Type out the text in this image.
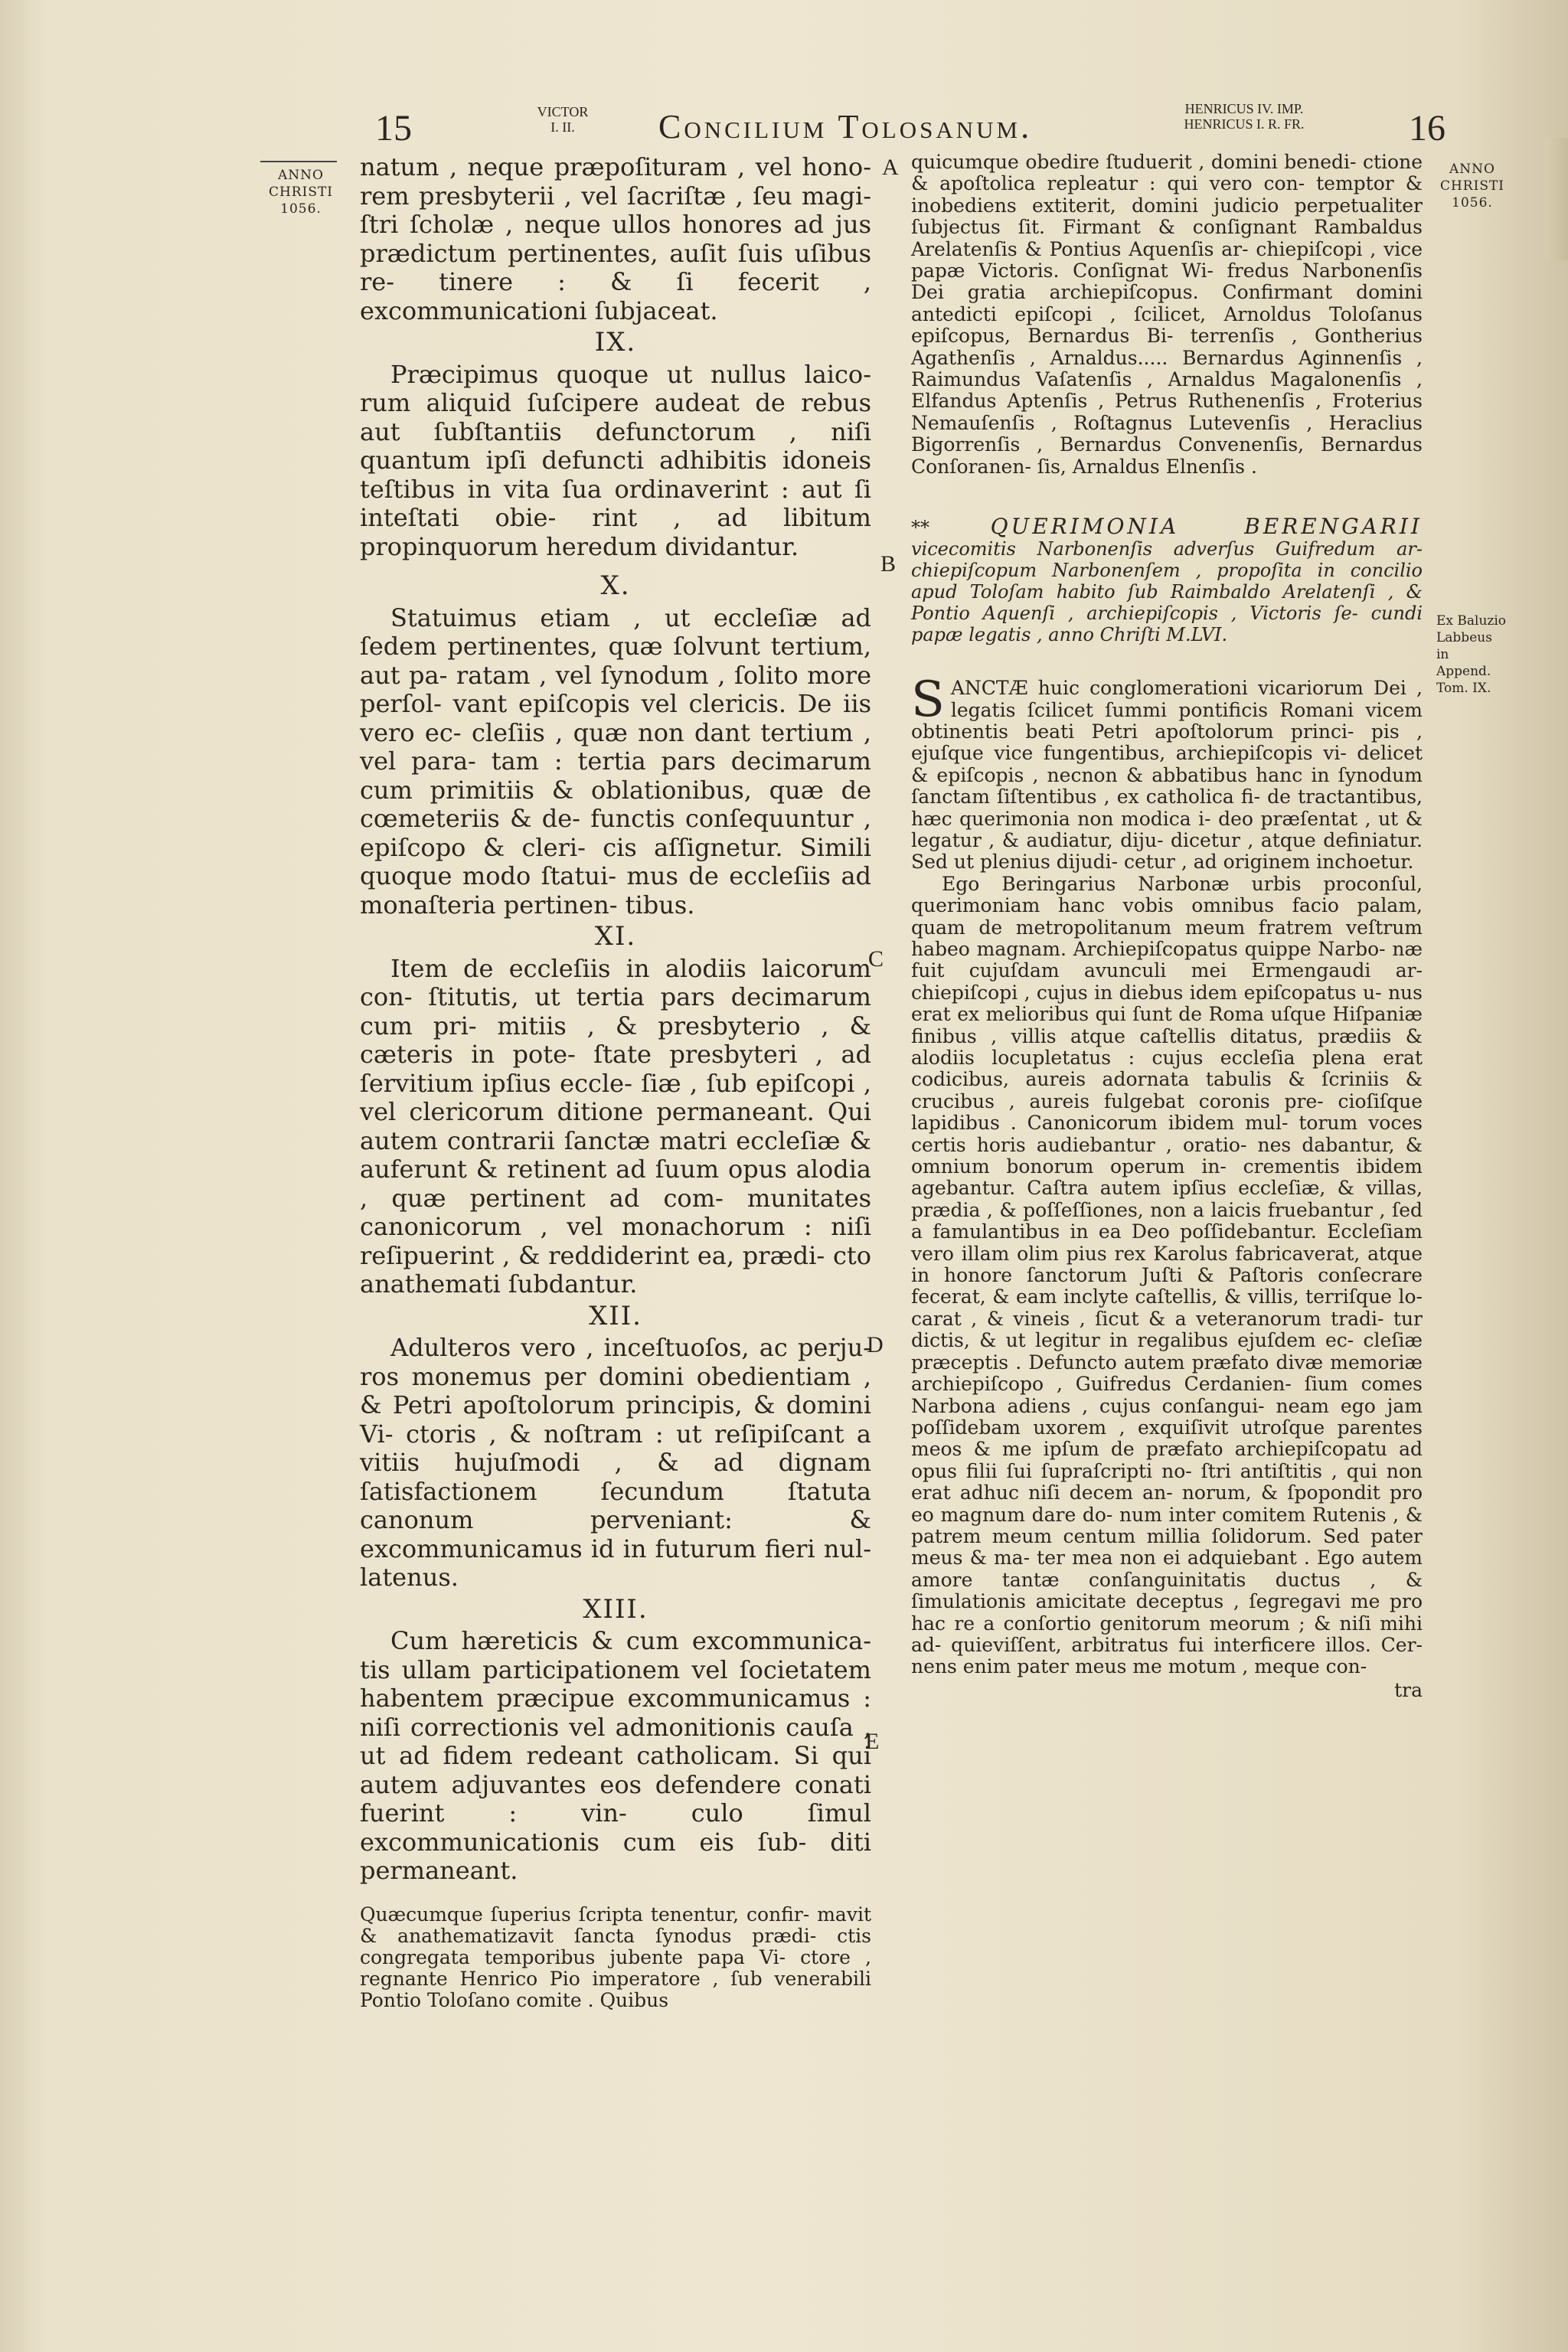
15	VICTOR
I. II.	Concilium Tolosanum.	HENRICUS IV. IMP.
HENRICUS I. R. FR.	16
ANNO
CHRISTI
1056.
ANNO
CHRISTI
1056.
Ex Baluzio Labbeus in Append. Tom. IX.
A
B
C
D
E

natum , neque præpoſituram , vel hono- rem presbyterii , vel ſacriſtæ , ſeu magi- ſtri ſcholæ , neque ullos honores ad jus prædictum pertinentes, auſit ſuis uſibus re- tinere : & ſi fecerit , excommunicationi ſubjaceat.

IX.

Præcipimus quoque ut nullus laico- rum aliquid ſuſcipere audeat de rebus aut ſubſtantiis defunctorum , niſi quantum ipſi defuncti adhibitis idoneis teſtibus in vita ſua ordinaverint : aut ſi inteſtati obie- rint , ad libitum propinquorum heredum dividantur.

X.

Statuimus etiam , ut eccleſiæ ad ſedem pertinentes, quæ ſolvunt tertium, aut pa- ratam , vel ſynodum , ſolito more perſol- vant epiſcopis vel clericis. De iis vero ec- cleſiis , quæ non dant tertium , vel para- tam : tertia pars decimarum cum primitiis & oblationibus, quæ de cœmeteriis & de- functis conſequuntur , epiſcopo & cleri- cis aſſignetur. Simili quoque modo ſtatui- mus de eccleſiis ad monaſteria pertinen- tibus.

XI.

Item de eccleſiis in alodiis laicorum con- ſtitutis, ut tertia pars decimarum cum pri- mitiis , & presbyterio , & cæteris in pote- ſtate presbyteri , ad ſervitium ipſius eccle- ſiæ , ſub epiſcopi , vel clericorum ditione permaneant. Qui autem contrarii ſanctæ matri eccleſiæ & auferunt & retinent ad ſuum opus alodia , quæ pertinent ad com- munitates canonicorum , vel monachorum : niſi reſipuerint , & reddiderint ea, prædi- cto anathemati ſubdantur.

XII.

Adulteros vero , inceſtuoſos, ac perju- ros monemus per domini obedientiam , & Petri apoſtolorum principis, & domini Vi- ctoris , & noſtram : ut reſipiſcant a vitiis hujuſmodi , & ad dignam ſatisfactionem ſecundum ſtatuta canonum perveniant: & excommunicamus id in futurum fieri nul- latenus.

XIII.

Cum hæreticis & cum excommunica- tis ullam participationem vel ſocietatem habentem præcipue excommunicamus : niſi correctionis vel admonitionis cauſa , ut ad fidem redeant catholicam. Si qui autem adjuvantes eos defendere conati fuerint : vin- culo ſimul excommunicationis cum eis ſub- diti permaneant.

Quæcumque ſuperius ſcripta tenentur, confir- mavit & anathematizavit ſancta ſynodus prædi- ctis congregata temporibus jubente papa Vi- ctore , regnante Henrico Pio imperatore , ſub venerabili Pontio Toloſano comite . Quibus

quicumque obedire ſtuduerit , domini benedi- ctione & apoſtolica repleatur : qui vero con- temptor & inobediens extiterit, domini judicio perpetualiter ſubjectus ſit. Firmant & conſignant Rambaldus Arelatenſis & Pontius Aquenſis ar- chiepiſcopi , vice papæ Victoris. Conſignat Wi- fredus Narbonenſis Dei gratia archiepiſcopus. Confirmant domini antedicti epiſcopi , ſcilicet, Arnoldus Toloſanus epiſcopus, Bernardus Bi- terrenſis , Gontherius Agathenſis , Arnaldus..... Bernardus Aginnenſis , Raimundus Vaſatenſis , Arnaldus Magalonenſis , Elfandus Aptenſis , Petrus Ruthenenſis , Froterius Nemauſenſis , Roſtagnus Lutevenſis , Heraclius Bigorrenſis , Bernardus Convenenſis, Bernardus Conſoranen- ſis, Arnaldus Elnenſis .

** QUERIMONIA BERENGARII vicecomitis Narbonenſis adverſus Guifredum ar- chiepiſcopum Narbonenſem , propoſita in concilio apud Toloſam habito ſub Raimbaldo Arelatenſi , & Pontio Aquenſi , archiepiſcopis , Victoris ſe- cundi papæ legatis , anno Chriſti M.LVI.

SANCTÆ huic conglomerationi vicariorum Dei , legatis ſcilicet ſummi pontificis Romani vicem obtinentis beati Petri apoſtolorum princi- pis , ejuſque vice fungentibus, archiepiſcopis vi- delicet & epiſcopis , necnon & abbatibus hanc in ſynodum ſanctam ſiſtentibus , ex catholica fi- de tractantibus, hæc querimonia non modica i- deo præſentat , ut & legatur , & audiatur, diju- dicetur , atque definiatur. Sed ut plenius dijudi- cetur , ad originem inchoetur.

Ego Beringarius Narbonæ urbis proconſul, querimoniam hanc vobis omnibus facio palam, quam de metropolitanum meum fratrem veſtrum habeo magnam. Archiepiſcopatus quippe Narbo- næ fuit cujuſdam avunculi mei Ermengaudi ar- chiepiſcopi , cujus in diebus idem epiſcopatus u- nus erat ex melioribus qui ſunt de Roma uſque Hiſpaniæ finibus , villis atque caſtellis ditatus, prædiis & alodiis locupletatus : cujus eccleſia plena erat codicibus, aureis adornata tabulis & ſcriniis & crucibus , aureis fulgebat coronis pre- cioſiſque lapidibus . Canonicorum ibidem mul- torum voces certis horis audiebantur , oratio- nes dabantur, & omnium bonorum operum in- crementis ibidem agebantur. Caſtra autem ipſius eccleſiæ, & villas, prædia , & poſſeſſiones, non a laicis fruebantur , ſed a famulantibus in ea Deo poſſidebantur. Eccleſiam vero illam olim pius rex Karolus fabricaverat, atque in honore ſanctorum Juſti & Paſtoris conſecrare fecerat, & eam inclyte caſtellis, & villis, terriſque lo- carat , & vineis , ſicut & a veteranorum tradi- tur dictis, & ut legitur in regalibus ejuſdem ec- cleſiæ præceptis . Defuncto autem præfato divæ memoriæ archiepiſcopo , Guifredus Cerdanien- ſium comes Narbona adiens , cujus conſangui- neam ego jam poſſidebam uxorem , exquiſivit utroſque parentes meos & me ipſum de præfato archiepiſcopatu ad opus filii ſui ſupraſcripti no- ſtri antiſtitis , qui non erat adhuc niſi decem an- norum, & ſpopondit pro eo magnum dare do- num inter comitem Rutenis , & patrem meum centum millia ſolidorum. Sed pater meus & ma- ter mea non ei adquiebant . Ego autem amore tantæ conſanguinitatis ductus , & ſimulationis amicitate deceptus , ſegregavi me pro hac re a conſortio genitorum meorum ; & niſi mihi ad- quieviſſent, arbitratus fui interficere illos. Cer- nens enim pater meus me motum , meque con-

tra
